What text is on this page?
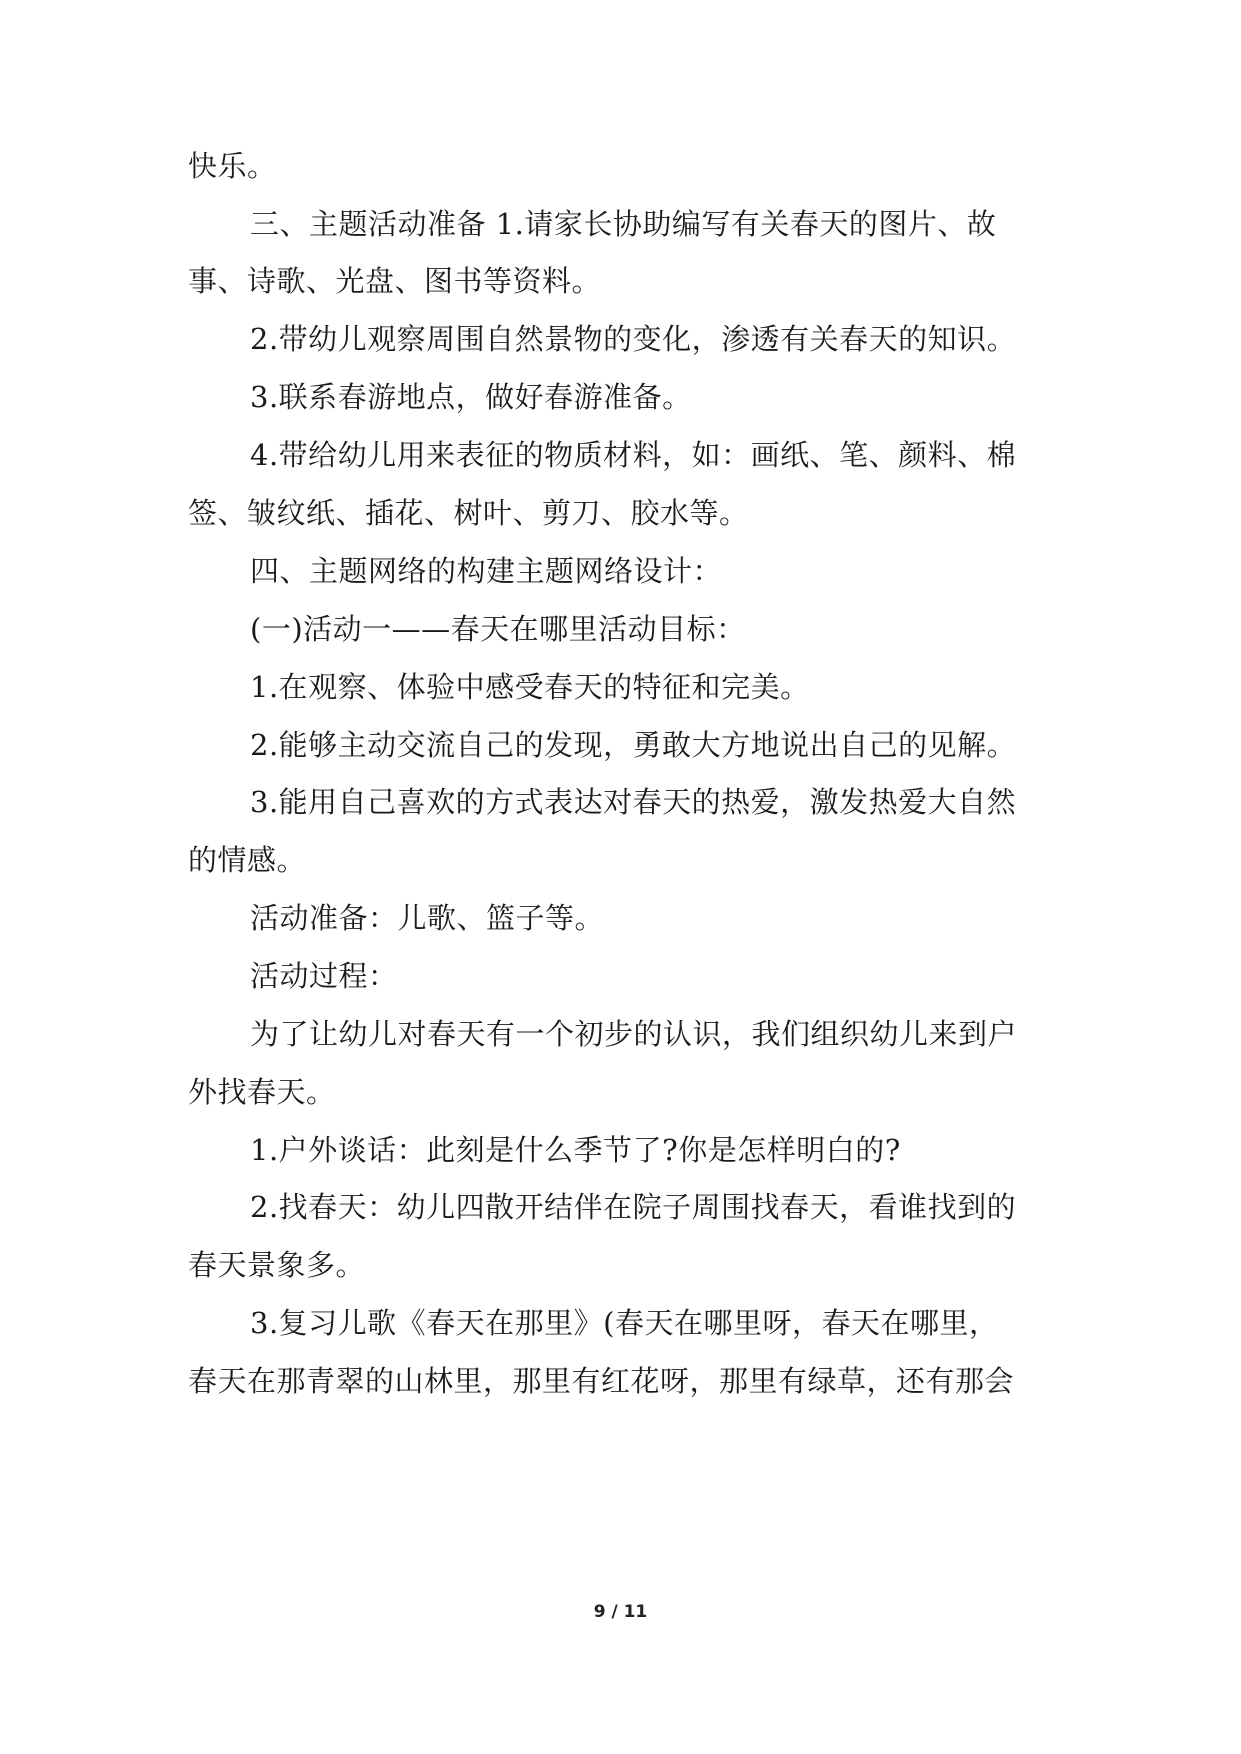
快乐。
三、主题活动准备 1.请家长协助编写有关春天的图片、故
事、诗歌、光盘、图书等资料。
2.带幼儿观察周围自然景物的变化，渗透有关春天的知识。
3.联系春游地点，做好春游准备。
4.带给幼儿用来表征的物质材料，如：画纸、笔、颜料、棉
签、皱纹纸、插花、树叶、剪刀、胶水等。
四、主题网络的构建主题网络设计：
(一)活动一——春天在哪里活动目标：
1.在观察、体验中感受春天的特征和完美。
2.能够主动交流自己的发现，勇敢大方地说出自己的见解。
3.能用自己喜欢的方式表达对春天的热爱，激发热爱大自然
的情感。
活动准备：儿歌、篮子等。
活动过程：
为了让幼儿对春天有一个初步的认识，我们组织幼儿来到户
外找春天。
1.户外谈话：此刻是什么季节了?你是怎样明白的?
2.找春天：幼儿四散开结伴在院子周围找春天，看谁找到的
春天景象多。
3.复习儿歌《春天在那里》(春天在哪里呀，春天在哪里，
春天在那青翠的山林里，那里有红花呀，那里有绿草，还有那会
9 / 11
